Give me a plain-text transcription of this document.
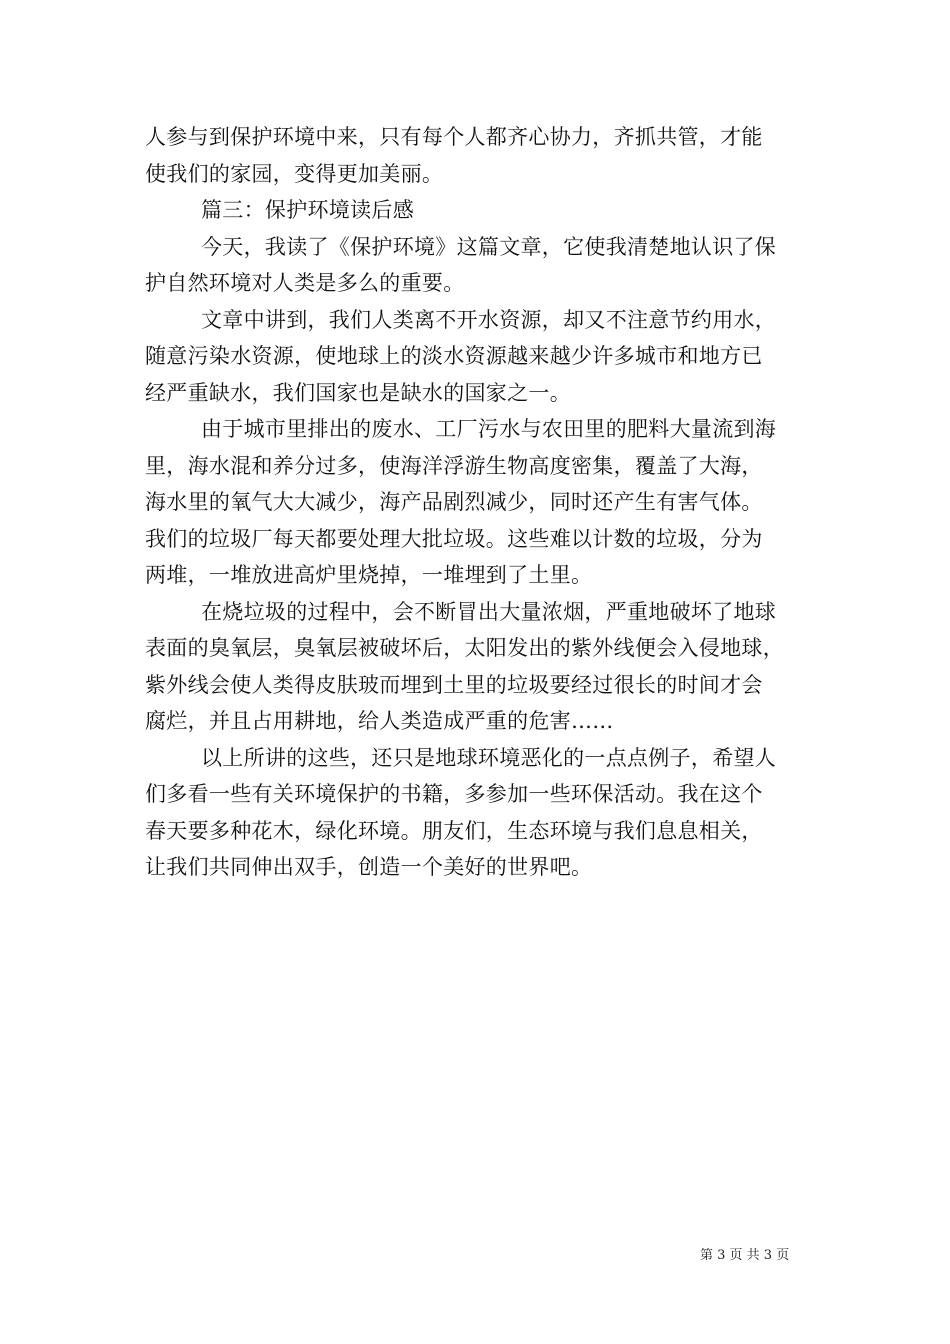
人参与到保护环境中来，只有每个人都齐心协力，齐抓共管，才能
使我们的家园，变得更加美丽。
篇三：保护环境读后感
今天，我读了《保护环境》这篇文章，它使我清楚地认识了保
护自然环境对人类是多么的重要。
文章中讲到，我们人类离不开水资源，却又不注意节约用水，
随意污染水资源，使地球上的淡水资源越来越少许多城市和地方已
经严重缺水，我们国家也是缺水的国家之一。
由于城市里排出的废水、工厂污水与农田里的肥料大量流到海
里，海水混和养分过多，使海洋浮游生物高度密集，覆盖了大海，
海水里的氧气大大减少，海产品剧烈减少，同时还产生有害气体。
我们的垃圾厂每天都要处理大批垃圾。这些难以计数的垃圾，分为
两堆，一堆放进高炉里烧掉，一堆埋到了土里。
在烧垃圾的过程中，会不断冒出大量浓烟，严重地破坏了地球
表面的臭氧层，臭氧层被破坏后，太阳发出的紫外线便会入侵地球，
紫外线会使人类得皮肤玻而埋到土里的垃圾要经过很长的时间才会
腐烂，并且占用耕地，给人类造成严重的危害……
以上所讲的这些，还只是地球环境恶化的一点点例子，希望人
们多看一些有关环境保护的书籍，多参加一些环保活动。我在这个
春天要多种花木，绿化环境。朋友们，生态环境与我们息息相关，
让我们共同伸出双手，创造一个美好的世界吧。
第 3 页 共 3 页
